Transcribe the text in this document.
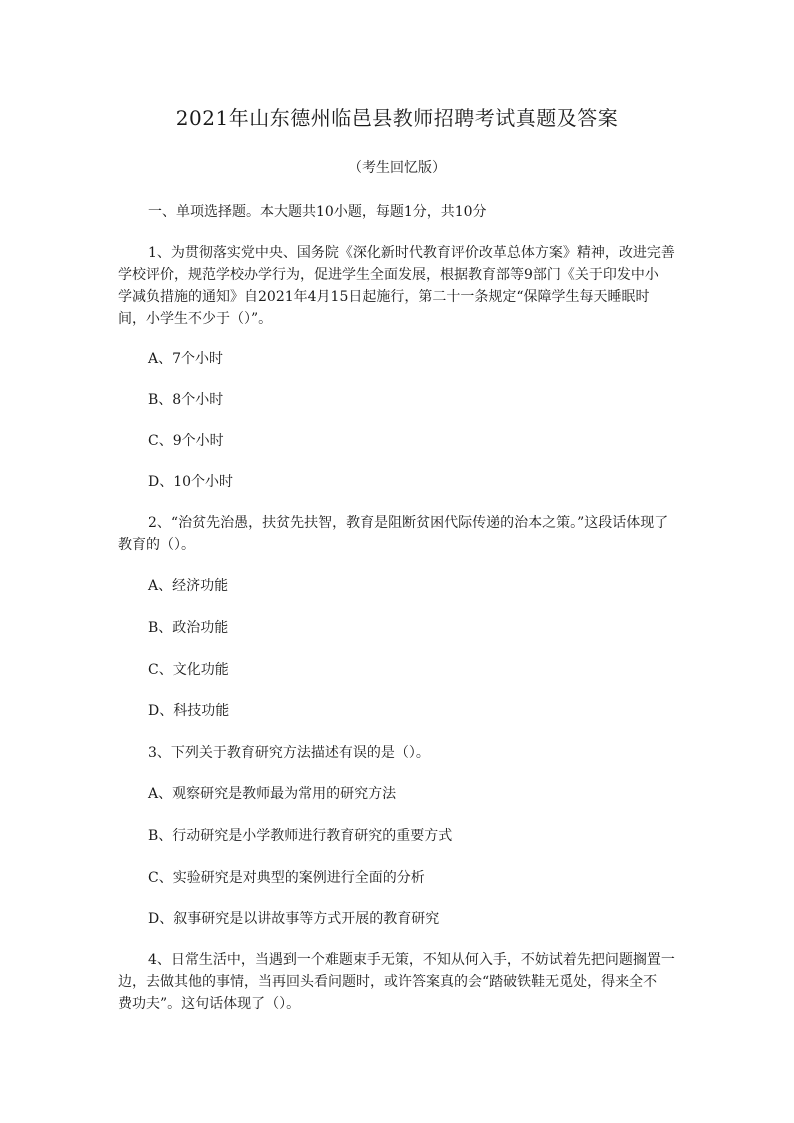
2021年山东德州临邑县教师招聘考试真题及答案
（考生回忆版）
一、单项选择题。本大题共10小题，每题1分，共10分
1、为贯彻落实党中央、国务院《深化新时代教育评价改革总体方案》精神，改进完善
学校评价，规范学校办学行为，促进学生全面发展，根据教育部等9部门《关于印发中小
学减负措施的通知》自2021年4月15日起施行，第二十一条规定“保障学生每天睡眠时
间，小学生不少于（）”。
A、7个小时
B、8个小时
C、9个小时
D、10个小时
2、“治贫先治愚，扶贫先扶智，教育是阻断贫困代际传递的治本之策。”这段话体现了
教育的（）。
A、经济功能
B、政治功能
C、文化功能
D、科技功能
3、下列关于教育研究方法描述有误的是（）。
A、观察研究是教师最为常用的研究方法
B、行动研究是小学教师进行教育研究的重要方式
C、实验研究是对典型的案例进行全面的分析
D、叙事研究是以讲故事等方式开展的教育研究
4、日常生活中，当遇到一个难题束手无策，不知从何入手，不妨试着先把问题搁置一
边，去做其他的事情，当再回头看问题时，或许答案真的会“踏破铁鞋无觅处，得来全不
费功夫”。这句话体现了（）。
